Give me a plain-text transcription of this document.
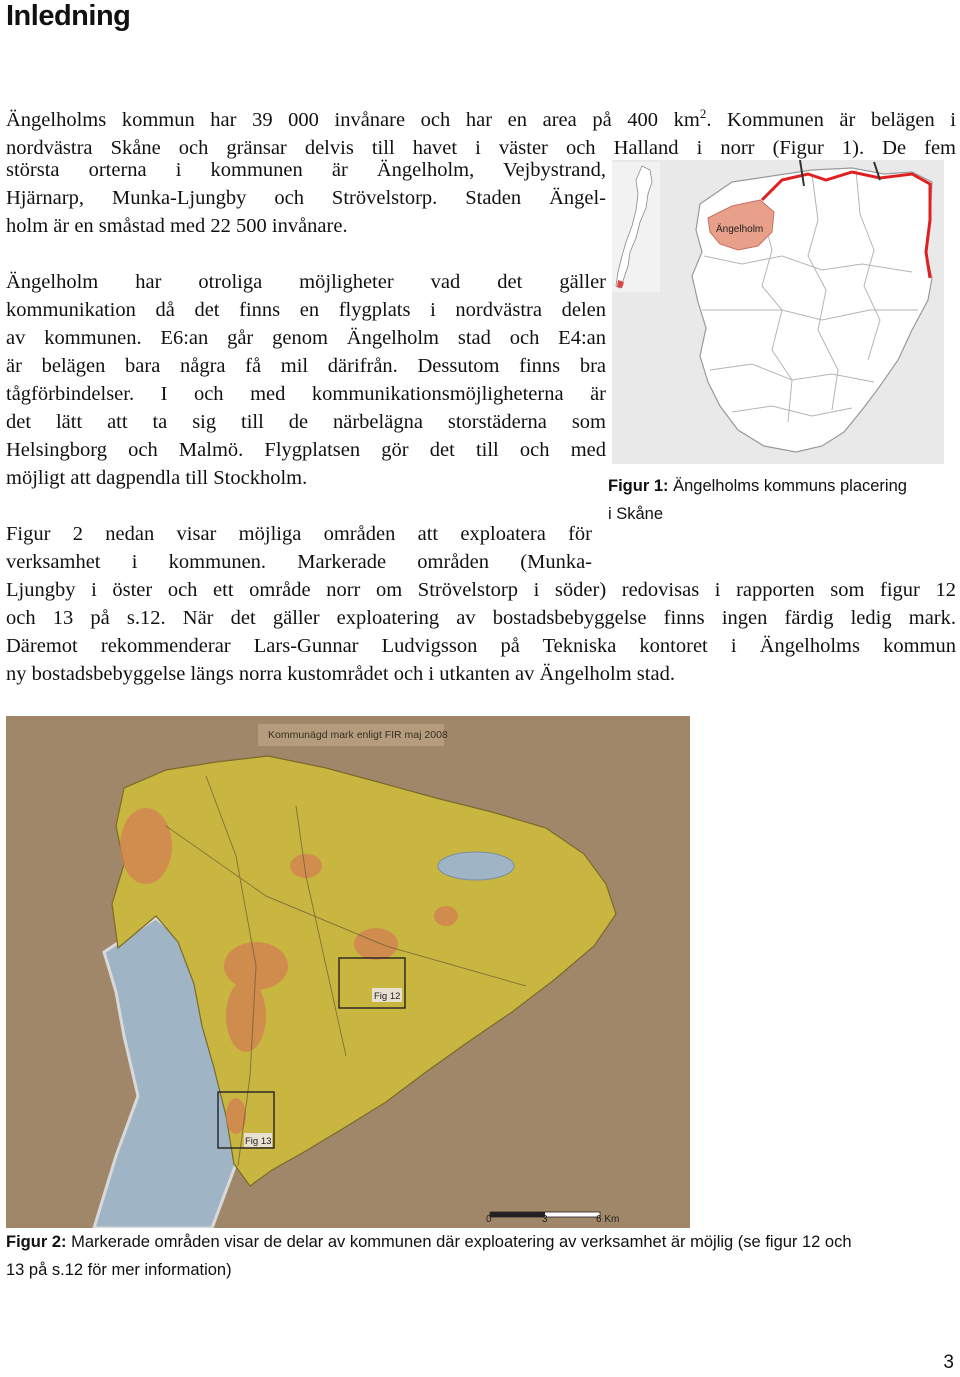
Inledning
Ängelholms kommun har 39 000 invånare och har en area på 400 $km^2$. Kommunen är belägen i
nordvästra Skåne och gränsar delvis till havet i väster och Halland i norr (Figur 1). De fem
största orterna i kommunen är Ängelholm, Vejbystrand,
Hjärnarp, Munka-Ljungby och Strövelstorp. Staden Ängel-
holm är en småstad med 22 500 invånare.
Ängelholm har otroliga möjligheter vad det gäller
kommunikation då det finns en flygplats i nordvästra delen
av kommunen. E6:an går genom Ängelholm stad och E4:an
är belägen bara några få mil därifrån. Dessutom finns bra
tågförbindelser. I och med kommunikationsmöjligheterna är
det lätt att ta sig till de närbelägna storstäderna som
Helsingborg och Malmö. Flygplatsen gör det till och med
möjligt att dagpendla till Stockholm.
Ängelholm
Figur 1: Ängelholms kommuns placering
i Skåne
Figur 2 nedan visar möjliga områden att exploatera för
verksamhet i kommunen. Markerade områden (Munka-
Ljungby i öster och ett område norr om Strövelstorp i söder) redovisas i rapporten som figur 12
och 13 på s.12. När det gäller exploatering av bostadsbebyggelse finns ingen färdig ledig mark.
Däremot rekommenderar Lars-Gunnar Ludvigsson på Tekniska kontoret i Ängelholms kommun
ny bostadsbebyggelse längs norra kustområdet och i utkanten av Ängelholm stad.
Kommunägd mark enligt FIR maj 2008
Fig 12
Fig 13
0	3	6 Km
Figur 2: Markerade områden visar de delar av kommunen där exploatering av verksamhet är möjlig (se figur 12 och
13 på s.12 för mer information)
3
